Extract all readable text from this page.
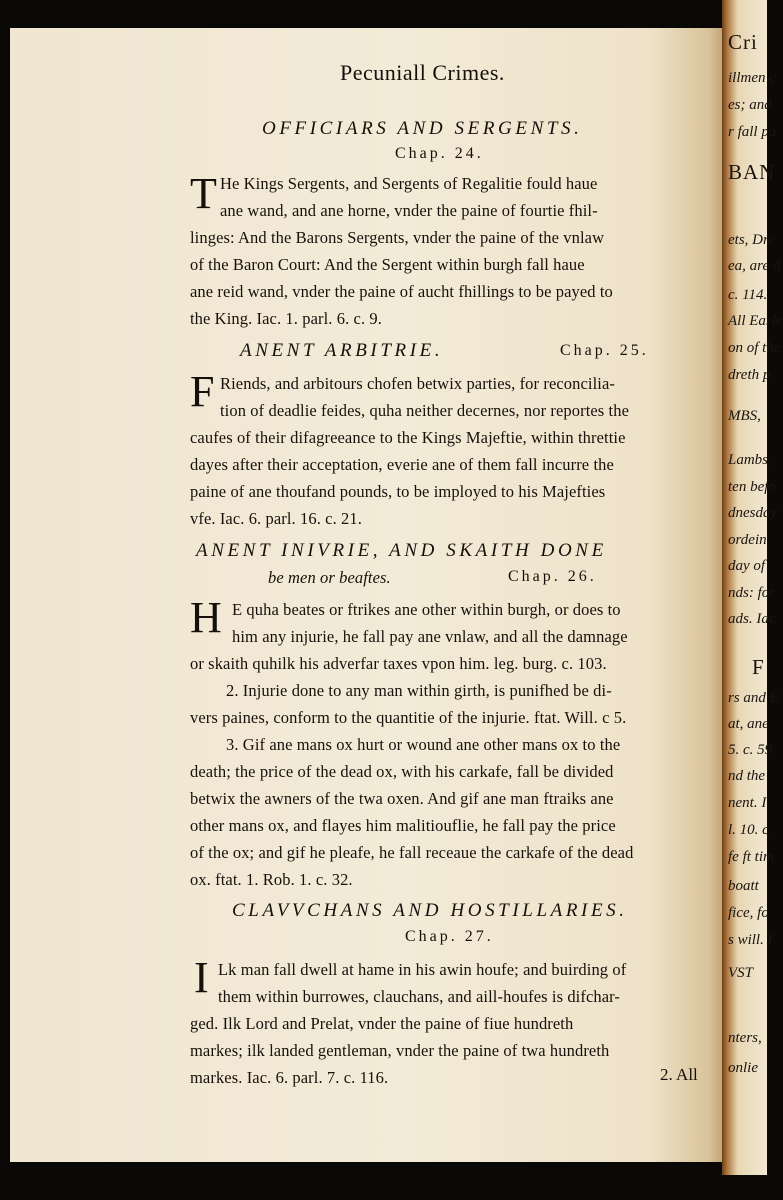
Cri
illmen c
es; and
r fall pa
BAN
ets, Dre
ea, are d
c. 114.
All Earle
on of the
dreth p
MBS,
Lambs,
ten befo
dnesday
ordein
day of
nds: for
ads. Iac
F
rs and E
at, ane
5. c. 59
nd the
nent. I
l. 10. c.
fe ft tim
boatt
fice, fo
s will. I
VST
nters,
onlie
Pecuniall Crimes.
OFFICIARS AND SERGENTS.
Chap. 24.
T He Kings Sergents, and Sergents of Regalitie fould haue
ane wand, and ane horne, vnder the paine of fourtie fhil-
linges: And the Barons Sergents, vnder the paine of the vnlaw
of the Baron Court: And the Sergent within burgh fall haue
ane reid wand, vnder the paine of aucht fhillings to be payed to
the King. Iac. 1. parl. 6. c. 9.
ANENT ARBITRIE.	Chap. 25.
F Riends, and arbitours chofen betwix parties, for reconcilia-
tion of deadlie feides, quha neither decernes, nor reportes the
caufes of their difagreeance to the Kings Majeftie, within threttie
dayes after their acceptation, everie ane of them fall incurre the
paine of ane thoufand pounds, to be imployed to his Majefties
vfe. Iac. 6. parl. 16. c. 21.
ANENT INIVRIE, AND SKAITH DONE
be men or beaftes.	Chap. 26.
H E quha beates or ftrikes ane other within burgh, or does to
him any injurie, he fall pay ane vnlaw, and all the damnage
or skaith quhilk his adverfar taxes vpon him. leg. burg. c. 103.
2. Injurie done to any man within girth, is punifhed be di-
vers paines, conform to the quantitie of the injurie. ftat. Will. c 5.
3. Gif ane mans ox hurt or wound ane other mans ox to the
death; the price of the dead ox, with his carkafe, fall be divided
betwix the awners of the twa oxen. And gif ane man ftraiks ane
other mans ox, and flayes him malitiouflie, he fall pay the price
of the ox; and gif he pleafe, he fall receaue the carkafe of the dead
ox. ftat. 1. Rob. 1. c. 32.
CLAVVCHANS AND HOSTILLARIES.
Chap. 27.
I Lk man fall dwell at hame in his awin houfe; and buirding of
them within burrowes, clauchans, and aill-houfes is difchar-
ged. Ilk Lord and Prelat, vnder the paine of fiue hundreth
markes; ilk landed gentleman, vnder the paine of twa hundreth
markes. Iac. 6. parl. 7. c. 116.	2. All
